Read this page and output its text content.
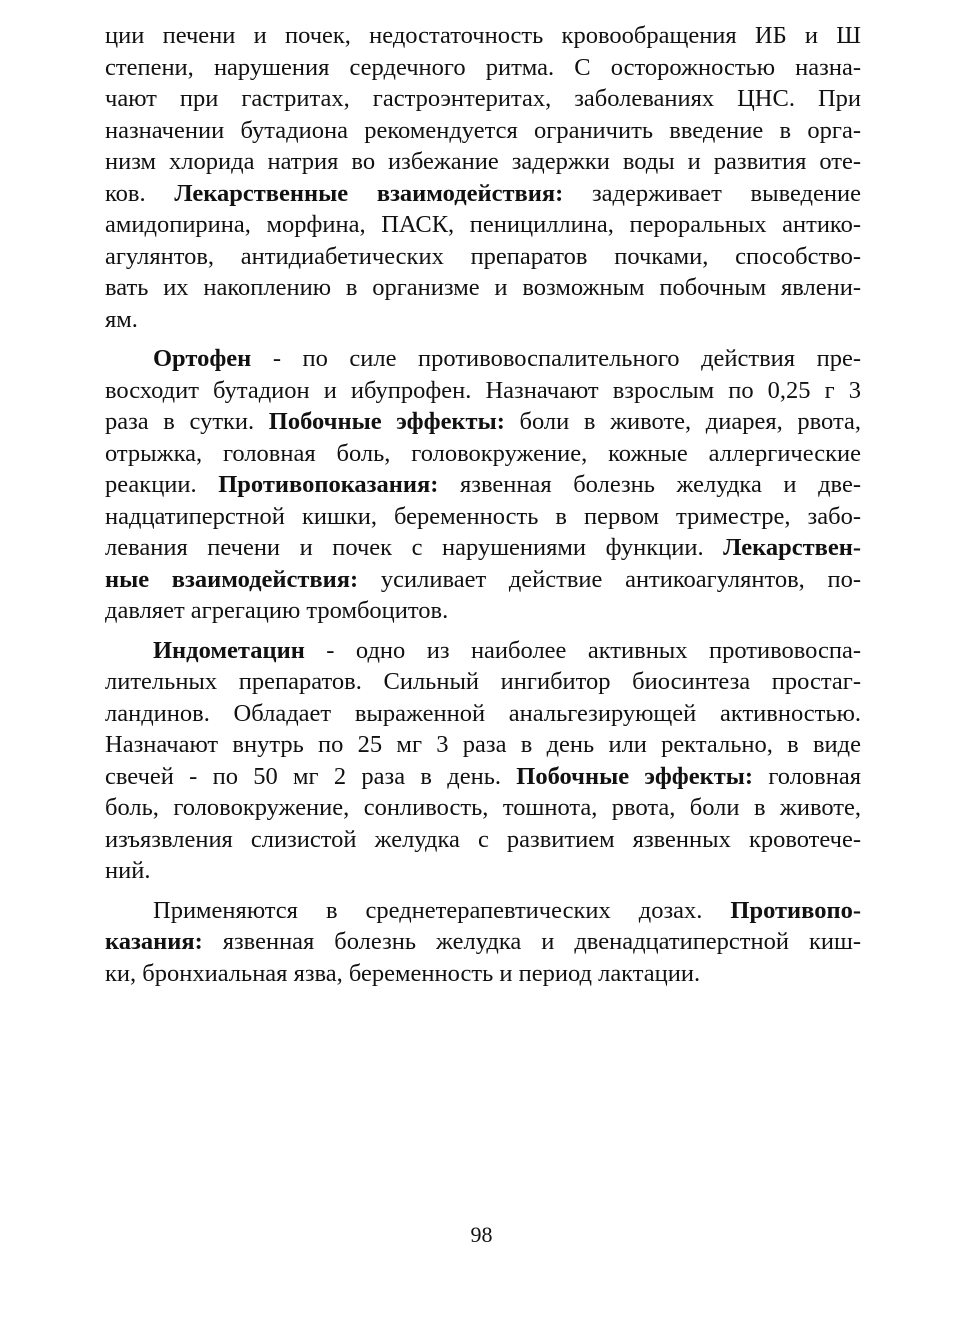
ции печени и почек, недостаточность кровообращения ИБ и Ш
степени, нарушения сердечного ритма. С осторожностью назна-
чают при гастритах, гастроэнтеритах, заболеваниях ЦНС. При
назначении бутадиона рекомендуется ограничить введение в орга-
низм хлорида натрия во избежание задержки воды и развития оте-
ков. Лекарственные взаимодействия: задерживает выведение
амидопирина, морфина, ПАСК, пенициллина, пероральных антико-
агулянтов, антидиабетических препаратов почками, способство-
вать их накоплению в организме и возможным побочным явлени-
ям.
Ортофен - по силе противовоспалительного действия пре-
восходит бутадион и ибупрофен. Назначают взрослым по 0,25 г 3
раза в сутки. Побочные эффекты: боли в животе, диарея, рвота,
отрыжка, головная боль, головокружение, кожные аллергические
реакции. Противопоказания: язвенная болезнь желудка и две-
надцатиперстной кишки, беременность в первом триместре, забо-
левания печени и почек с нарушениями функции. Лекарствен-
ные взаимодействия: усиливает действие антикоагулянтов, по-
давляет агрегацию тромбоцитов.
Индометацин - одно из наиболее активных противовоспа-
лительных препаратов. Сильный ингибитор биосинтеза простаг-
ландинов. Обладает выраженной анальгезирующей активностью.
Назначают внутрь по 25 мг 3 раза в день или ректально, в виде
свечей - по 50 мг 2 раза в день. Побочные эффекты: головная
боль, головокружение, сонливость, тошнота, рвота, боли в животе,
изъязвления слизистой желудка с развитием язвенных кровотече-
ний.
Применяются в среднетерапевтических дозах. Противопо-
казания: язвенная болезнь желудка и двенадцатиперстной киш-
ки, бронхиальная язва, беременность и период лактации.
98
